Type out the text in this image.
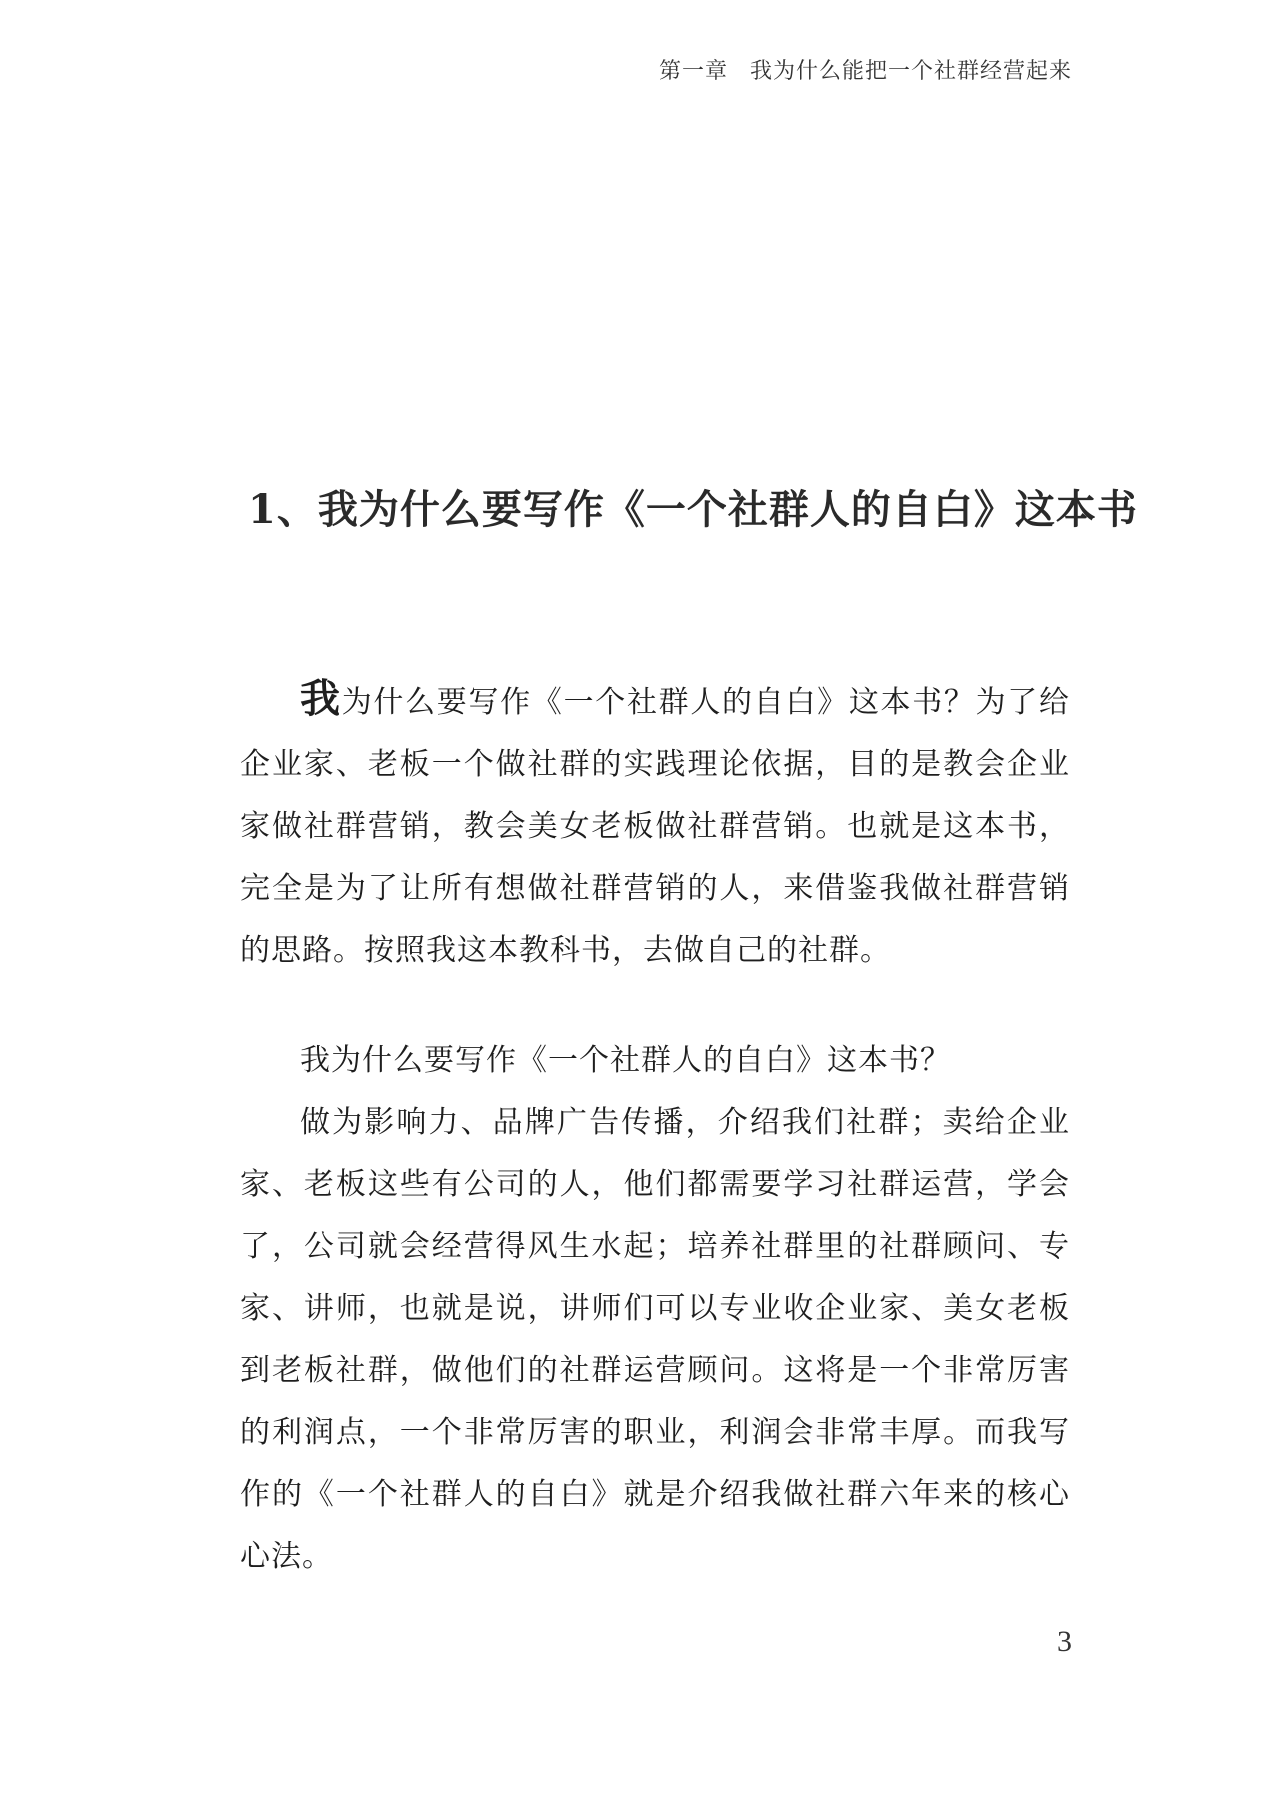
第一章 我为什么能把一个社群经营起来
1、我为什么要写作《一个社群人的自白》这本书

我为什么要写作《一个社群人的自白》这本书？为了给企业家、老板一个做社群的实践理论依据，目的是教会企业家做社群营销，教会美女老板做社群营销。也就是这本书，完全是为了让所有想做社群营销的人，来借鉴我做社群营销的思路。按照我这本教科书，去做自己的社群。

我为什么要写作《一个社群人的自白》这本书？

做为影响力、品牌广告传播，介绍我们社群；卖给企业家、老板这些有公司的人，他们都需要学习社群运营，学会了，公司就会经营得风生水起；培养社群里的社群顾问、专家、讲师，也就是说，讲师们可以专业收企业家、美女老板到老板社群，做他们的社群运营顾问。这将是一个非常厉害的利润点，一个非常厉害的职业，利润会非常丰厚。而我写作的《一个社群人的自白》就是介绍我做社群六年来的核心心法。

3
